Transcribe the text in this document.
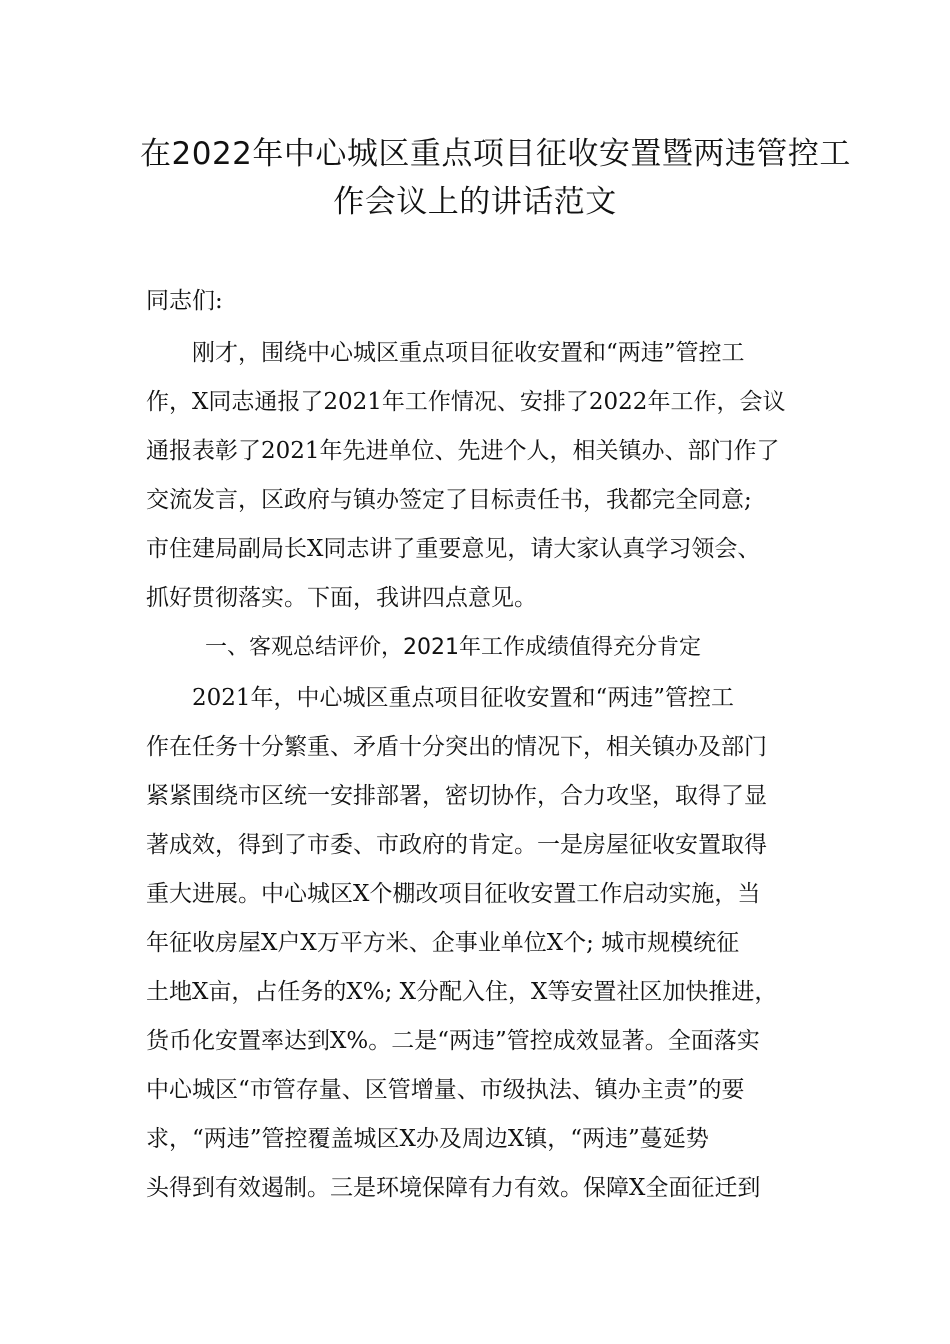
在2022年中心城区重点项目征收安置暨两违管控工
作会议上的讲话范文
同志们:
　　刚才，围绕中心城区重点项目征收安置和“两违”管控工
作，X同志通报了2021年工作情况、安排了2022年工作，会议
通报表彰了2021年先进单位、先进个人，相关镇办、部门作了
交流发言，区政府与镇办签定了目标责任书，我都完全同意;
市住建局副局长X同志讲了重要意见，请大家认真学习领会、
抓好贯彻落实。下面，我讲四点意见。
一、客观总结评价，2021年工作成绩值得充分肯定
　　2021年，中心城区重点项目征收安置和“两违”管控工
作在任务十分繁重、矛盾十分突出的情况下，相关镇办及部门
紧紧围绕市区统一安排部署，密切协作，合力攻坚，取得了显
著成效，得到了市委、市政府的肯定。一是房屋征收安置取得
重大进展。中心城区X个棚改项目征收安置工作启动实施，当
年征收房屋X户X万平方米、企事业单位X个; 城市规模统征
土地X亩，占任务的X%; X分配入住，X等安置社区加快推进，
货币化安置率达到X%。二是“两违”管控成效显著。全面落实
中心城区“市管存量、区管增量、市级执法、镇办主责”的要
求，“两违”管控覆盖城区X办及周边X镇，“两违”蔓延势
头得到有效遏制。三是环境保障有力有效。保障X全面征迁到
